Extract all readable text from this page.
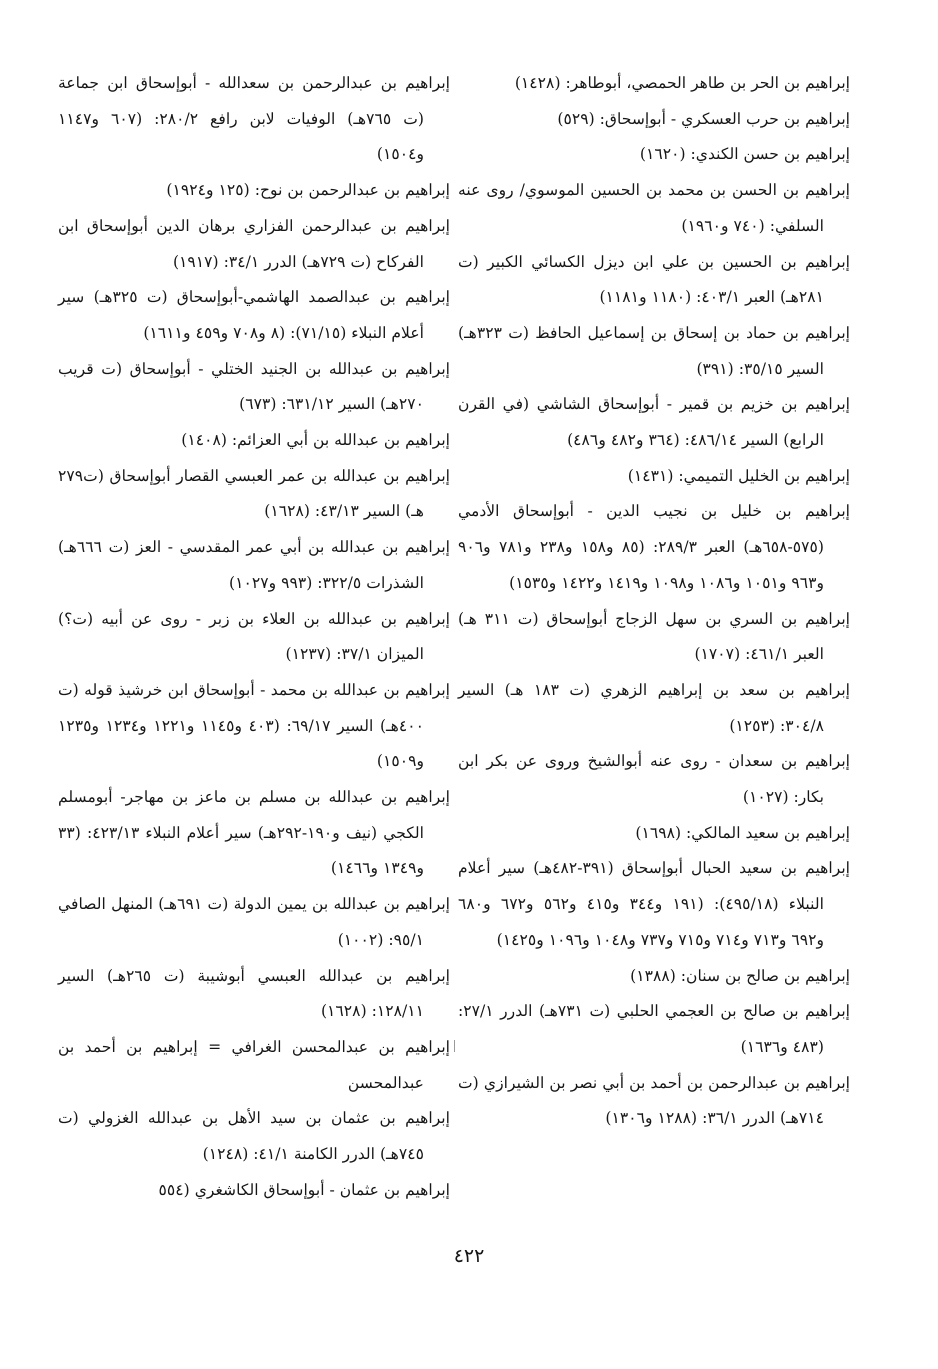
إبراهيم بن الحر بن طاهر الحمصي، أبوطاهر: (١٤٢٨)

إبراهيم بن حرب العسكري - أبوإسحاق: (٥٢٩)

إبراهيم بن حسن الكندي: (١٦٢٠)

إبراهيم بن الحسن بن محمد بن الحسين الموسوي/ روى عنه السلفي: (٧٤٠ و١٩٦٠)

إبراهيم بن الحسين بن علي ابن ديزل الكسائي الكبير (ت ٢٨١هـ) العبر ٤٠٣/١: (١١٨٠ و١١٨١)

إبراهيم بن حماد بن إسحاق بن إسماعيل الحافظ (ت ٣٢٣هـ) السير ٣٥/١٥: (٣٩١)

إبراهيم بن خزيم بن قمير - أبوإسحاق الشاشي (في القرن الرابع) السير ٤٨٦/١٤: (٣٦٤ و٤٨٢ و٤٨٦)

إبراهيم بن الخليل التميمي: (١٤٣١)

إبراهيم بن خليل بن نجيب الدين - أبوإسحاق الأدمي (٥٧٥-٦٥٨هـ) العبر ٢٨٩/٣: (٨٥ و١٥٨ و٢٣٨ و٧٨١ و٩٠٦ و٩٦٣ و١٠٥١ و١٠٨٦ و١٠٩٨ و١٤١٩ و١٤٢٢ و١٥٣٥)

إبراهيم بن السري بن سهل الزجاج أبوإسحاق (ت ٣١١ هـ) العبر ٤٦١/١: (١٧٠٧)

إبراهيم بن سعد بن إبراهيم الزهري (ت ١٨٣ هـ) السير ٣٠٤/٨: (١٢٥٣)

إبراهيم بن سعدان - روى عنه أبوالشيخ وروى عن بكر ابن بكار: (١٠٢٧)

إبراهيم بن سعيد المالكي: (١٦٩٨)

إبراهيم بن سعيد الحبال أبوإسحاق (٣٩١-٤٨٢هـ) سير أعلام النبلاء (٤٩٥/١٨): (١٩١ و٣٤٤ و٤١٥ و٥٦٢ و٦٧٢ و٦٨٠ و٦٩٢ و٧١٣ و٧١٤ و٧١٥ و٧٣٧ و١٠٤٨ و١٠٩٦ و١٤٢٥)

إبراهيم بن صالح بن سنان: (١٣٨٨)

إبراهيم بن صالح بن العجمي الحلبي (ت ٧٣١هـ) الدرر ٢٧/١: (٤٨٣ و١٦٣٦)

إبراهيم بن عبدالرحمن بن أحمد بن أبي نصر بن الشيرازي (ت ٧١٤هـ) الدرر ٣٦/١: (١٢٨٨ و١٣٠٦)

إبراهيم بن عبدالرحمن بن سعدالله - أبوإسحاق ابن جماعة (ت ٧٦٥هـ) الوفيات لابن رافع ٢٨٠/٢: (٦٠٧ و١١٤٧ و١٥٠٤)

إبراهيم بن عبدالرحمن بن نوح: (١٢٥ و١٩٢٤)

إبراهيم بن عبدالرحمن الفزاري برهان الدين أبوإسحاق ابن الفركاح (ت ٧٢٩هـ) الدرر ٣٤/١: (١٩١٧)

إبراهيم بن عبدالصمد الهاشمي-أبوإسحاق (ت ٣٢٥هـ) سير أعلام النبلاء (٧١/١٥): (٨ و٧٠٨ و٤٥٩ و١٦١١)

إبراهيم بن عبدالله بن الجنيد الختلي - أبوإسحاق (ت قريب ٢٧٠هـ) السير ٦٣١/١٢: (٦٧٣)

إبراهيم بن عبدالله بن أبي العزائم: (١٤٠٨)

إبراهيم بن عبدالله بن عمر العبسي القصار أبوإسحاق (ت٢٧٩ هـ) السير ٤٣/١٣: (١٦٢٨)

إبراهيم بن عبدالله بن أبي عمر المقدسي - العز (ت ٦٦٦هـ) الشذرات ٣٢٢/٥: (٩٩٣ و١٠٢٧)

إبراهيم بن عبدالله بن العلاء بن زبر - روى عن أبيه (ت؟) الميزان ٣٧/١: (١٢٣٧)

إبراهيم بن عبدالله بن محمد - أبوإسحاق ابن خرشيذ قوله (ت ٤٠٠هـ) السير ٦٩/١٧: (٤٠٣ و١١٤٥ و١٢٢١ و١٢٣٤ و١٢٣٥ و١٥٠٩)

إبراهيم بن عبدالله بن مسلم بن ماعز بن مهاجر- أبومسلم الكجي (نيف و١٩٠-٢٩٢هـ) سير أعلام النبلاء ٤٢٣/١٣: (٣٣ و١٣٤٩ و١٤٦٦)

إبراهيم بن عبدالله بن يمين الدولة (ت ٦٩١هـ) المنهل الصافي ٩٥/١: (١٠٠٢)

إبراهيم بن عبدالله العبسي أبوشيبة (ت ٢٦٥هـ) السير ١٢٨/١١: (١٦٢٨)

إبراهيم بن عبدالمحسن الغرافي = إبراهيم بن أحمد بن عبدالمحسن

إبراهيم بن عثمان بن سيد الأهل بن عبدالله الغزولي (ت ٧٤٥هـ) الدرر الكامنة ٤١/١: (١٢٤٨)

إبراهيم بن عثمان - أبوإسحاق الكاشغري (٥٥٤

٤٢٢
